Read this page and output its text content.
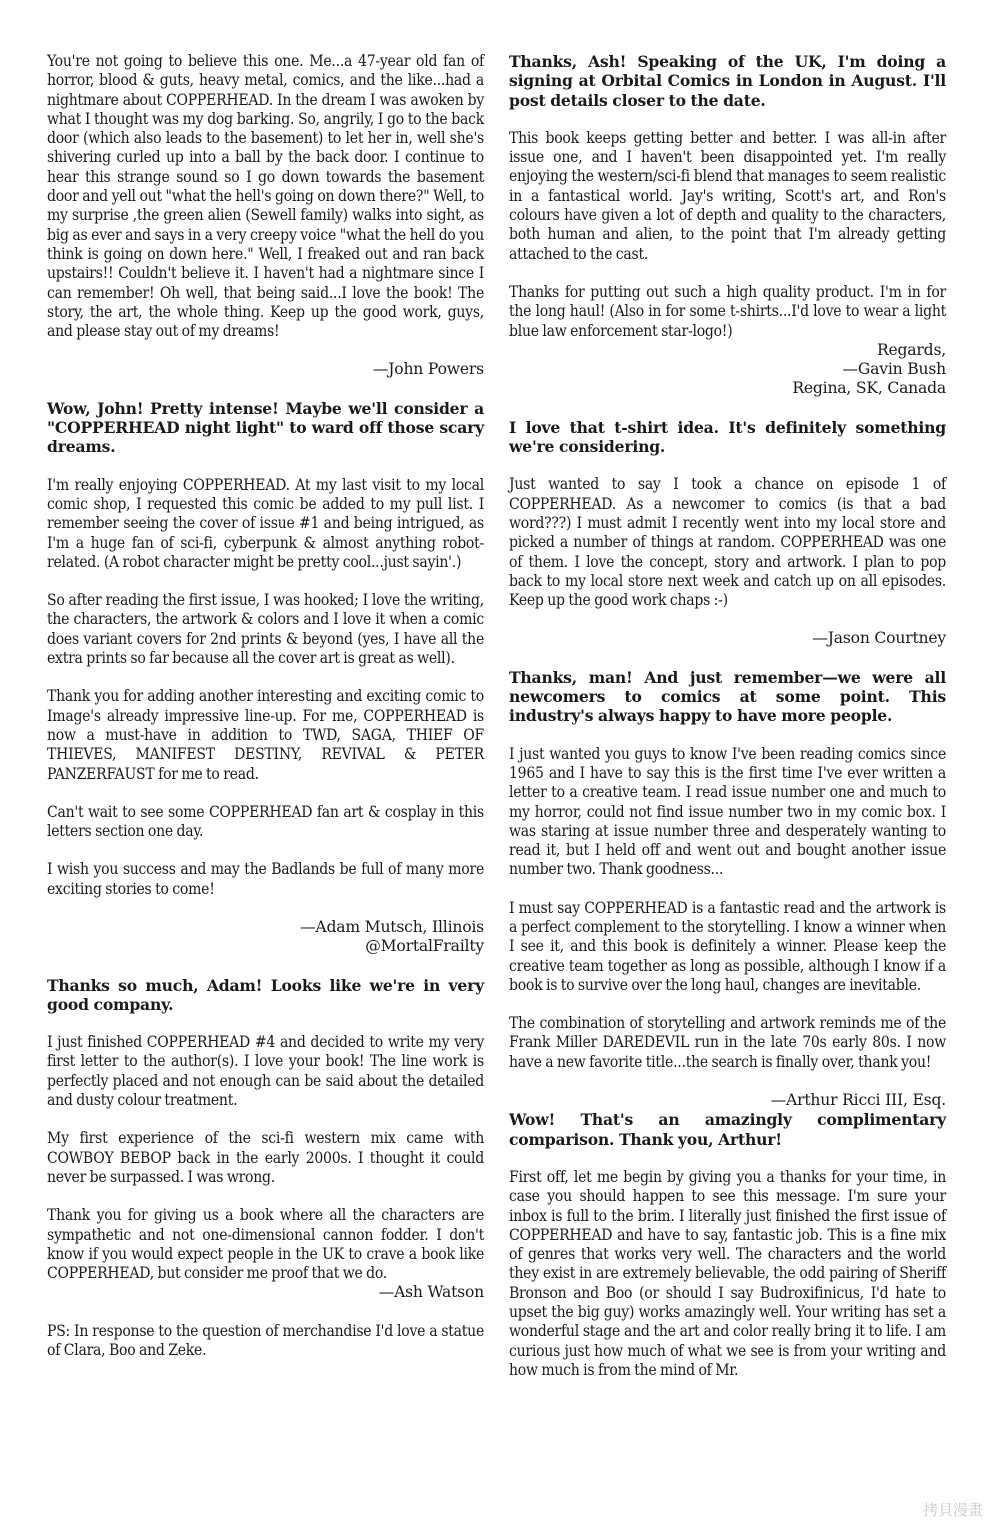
You're not going to believe this one. Me...a 47-year old fan of horror, blood & guts, heavy metal, comics, and the like...had a nightmare about COPPERHEAD. In the dream I was awoken by what I thought was my dog barking. So, angrily, I go to the back door (which also leads to the basement) to let her in, well she's shivering curled up into a ball by the back door. I continue to hear this strange sound so I go down towards the basement door and yell out "what the hell's going on down there?" Well, to my surprise ,the green alien (Sewell family) walks into sight, as big as ever and says in a very creepy voice "what the hell do you think is going on down here." Well, I freaked out and ran back upstairs!! Couldn't believe it. I haven't had a nightmare since I can remember! Oh well, that being said...I love the book! The story, the art, the whole thing. Keep up the good work, guys, and please stay out of my dreams!

—John Powers

Wow, John! Pretty intense! Maybe we'll consider a "COPPERHEAD night light" to ward off those scary dreams.

I'm really enjoying COPPERHEAD. At my last visit to my local comic shop, I requested this comic be added to my pull list. I remember seeing the cover of issue #1 and being intrigued, as I'm a huge fan of sci-fi, cyberpunk & almost anything robot-related. (A robot character might be pretty cool...just sayin'.)

So after reading the first issue, I was hooked; I love the writing, the characters, the artwork & colors and I love it when a comic does variant covers for 2nd prints & beyond (yes, I have all the extra prints so far because all the cover art is great as well).

Thank you for adding another interesting and exciting comic to Image's already impressive line-up. For me, COPPERHEAD is now a must-have in addition to TWD, SAGA, THIEF OF THIEVES, MANIFEST DESTINY, REVIVAL & PETER PANZERFAUST for me to read.

Can't wait to see some COPPERHEAD fan art & cosplay in this letters section one day.

I wish you success and may the Badlands be full of many more exciting stories to come!

—Adam Mutsch, Illinois
@MortalFrailty

Thanks so much, Adam! Looks like we're in very good company.

I just finished COPPERHEAD #4 and decided to write my very first letter to the author(s). I love your book! The line work is perfectly placed and not enough can be said about the detailed and dusty colour treatment.

My first experience of the sci-fi western mix came with COWBOY BEBOP back in the early 2000s. I thought it could never be surpassed. I was wrong.

Thank you for giving us a book where all the characters are sympathetic and not one-dimensional cannon fodder. I don't know if you would expect people in the UK to crave a book like COPPERHEAD, but consider me proof that we do.

—Ash Watson

PS: In response to the question of merchandise I'd love a statue of Clara, Boo and Zeke.

Thanks, Ash! Speaking of the UK, I'm doing a signing at Orbital Comics in London in August. I'll post details closer to the date.

This book keeps getting better and better. I was all-in after issue one, and I haven't been disappointed yet. I'm really enjoying the western/sci-fi blend that manages to seem realistic in a fantastical world. Jay's writing, Scott's art, and Ron's colours have given a lot of depth and quality to the characters, both human and alien, to the point that I'm already getting attached to the cast.

Thanks for putting out such a high quality product. I'm in for the long haul! (Also in for some t-shirts...I'd love to wear a light blue law enforcement star-logo!)

Regards,
—Gavin Bush
Regina, SK, Canada

I love that t-shirt idea. It's definitely something we're considering.

Just wanted to say I took a chance on episode 1 of COPPERHEAD. As a newcomer to comics (is that a bad word???) I must admit I recently went into my local store and picked a number of things at random. COPPERHEAD was one of them. I love the concept, story and artwork. I plan to pop back to my local store next week and catch up on all episodes. Keep up the good work chaps :-)

—Jason Courtney

Thanks, man! And just remember—we were all newcomers to comics at some point. This industry's always happy to have more people.

I just wanted you guys to know I've been reading comics since 1965 and I have to say this is the first time I've ever written a letter to a creative team. I read issue number one and much to my horror, could not find issue number two in my comic box. I was staring at issue number three and desperately wanting to read it, but I held off and went out and bought another issue number two. Thank goodness...

I must say COPPERHEAD is a fantastic read and the artwork is a perfect complement to the storytelling. I know a winner when I see it, and this book is definitely a winner. Please keep the creative team together as long as possible, although I know if a book is to survive over the long haul, changes are inevitable.

The combination of storytelling and artwork reminds me of the Frank Miller DAREDEVIL run in the late 70s early 80s. I now have a new favorite title...the search is finally over, thank you!

—Arthur Ricci III, Esq.

Wow! That's an amazingly complimentary comparison. Thank you, Arthur!

First off, let me begin by giving you a thanks for your time, in case you should happen to see this message. I'm sure your inbox is full to the brim. I literally just finished the first issue of COPPERHEAD and have to say, fantastic job. This is a fine mix of genres that works very well. The characters and the world they exist in are extremely believable, the odd pairing of Sheriff Bronson and Boo (or should I say Budroxifinicus, I'd hate to upset the big guy) works amazingly well. Your writing has set a wonderful stage and the art and color really bring it to life. I am curious just how much of what we see is from your writing and how much is from the mind of Mr.

拷貝漫畫
